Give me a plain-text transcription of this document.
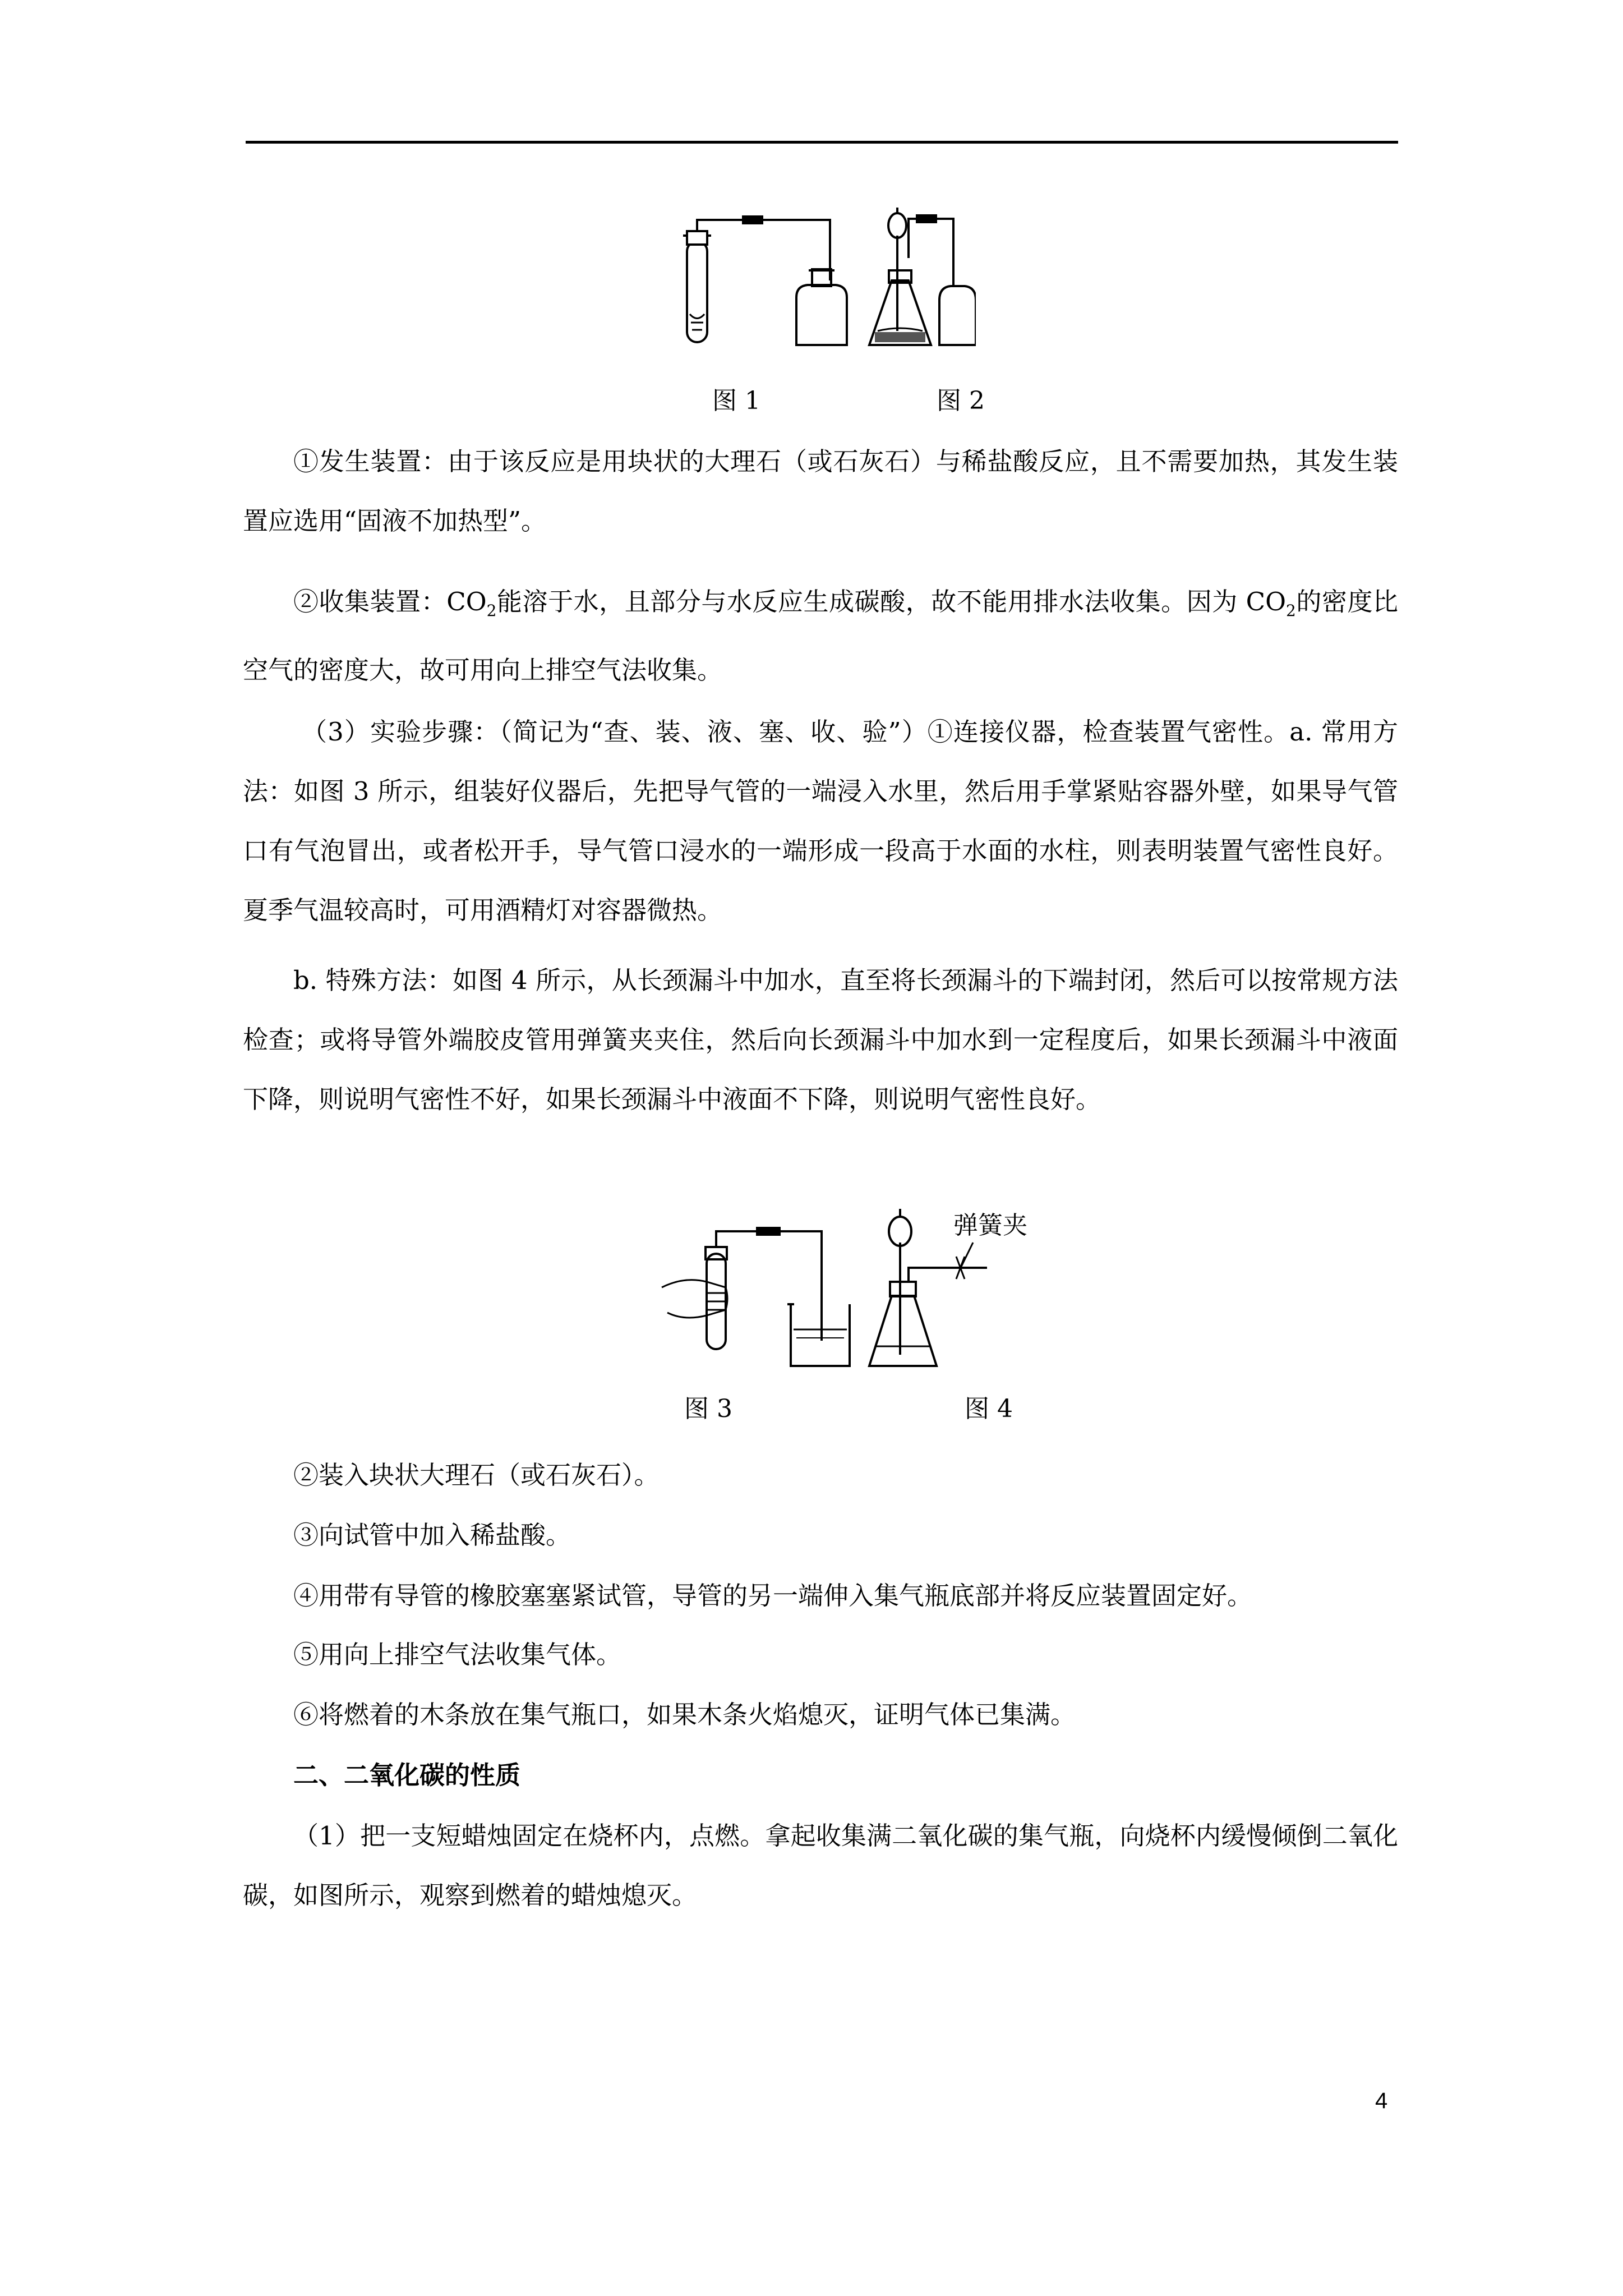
图 1	图 2
①发生装置：由于该反应是用块状的大理石（或石灰石）与稀盐酸反应，且不需要加热，其发生装置应选用“固液不加热型”。
②收集装置：$CO_2$能溶于水，且部分与水反应生成碳酸，故不能用排水法收集。因为 $CO_2$的密度比空气的密度大，故可用向上排空气法收集。
（3）实验步骤：（简记为“查、装、液、塞、收、验”）①连接仪器，检查装置气密性。a. 常用方法：如图 3 所示，组装好仪器后，先把导气管的一端浸入水里，然后用手掌紧贴容器外壁，如果导气管口有气泡冒出，或者松开手，导气管口浸水的一端形成一段高于水面的水柱，则表明装置气密性良好。夏季气温较高时，可用酒精灯对容器微热。
b. 特殊方法：如图 4 所示，从长颈漏斗中加水，直至将长颈漏斗的下端封闭，然后可以按常规方法检查；或将导管外端胶皮管用弹簧夹夹住，然后向长颈漏斗中加水到一定程度后，如果长颈漏斗中液面下降，则说明气密性不好，如果长颈漏斗中液面不下降，则说明气密性良好。
弹簧夹
图 3	图 4
②装入块状大理石（或石灰石）。
③向试管中加入稀盐酸。
④用带有导管的橡胶塞塞紧试管，导管的另一端伸入集气瓶底部并将反应装置固定好。
⑤用向上排空气法收集气体。
⑥将燃着的木条放在集气瓶口，如果木条火焰熄灭，证明气体已集满。
二、二氧化碳的性质
（1）把一支短蜡烛固定在烧杯内，点燃。拿起收集满二氧化碳的集气瓶，向烧杯内缓慢倾倒二氧化碳，如图所示，观察到燃着的蜡烛熄灭。
4
